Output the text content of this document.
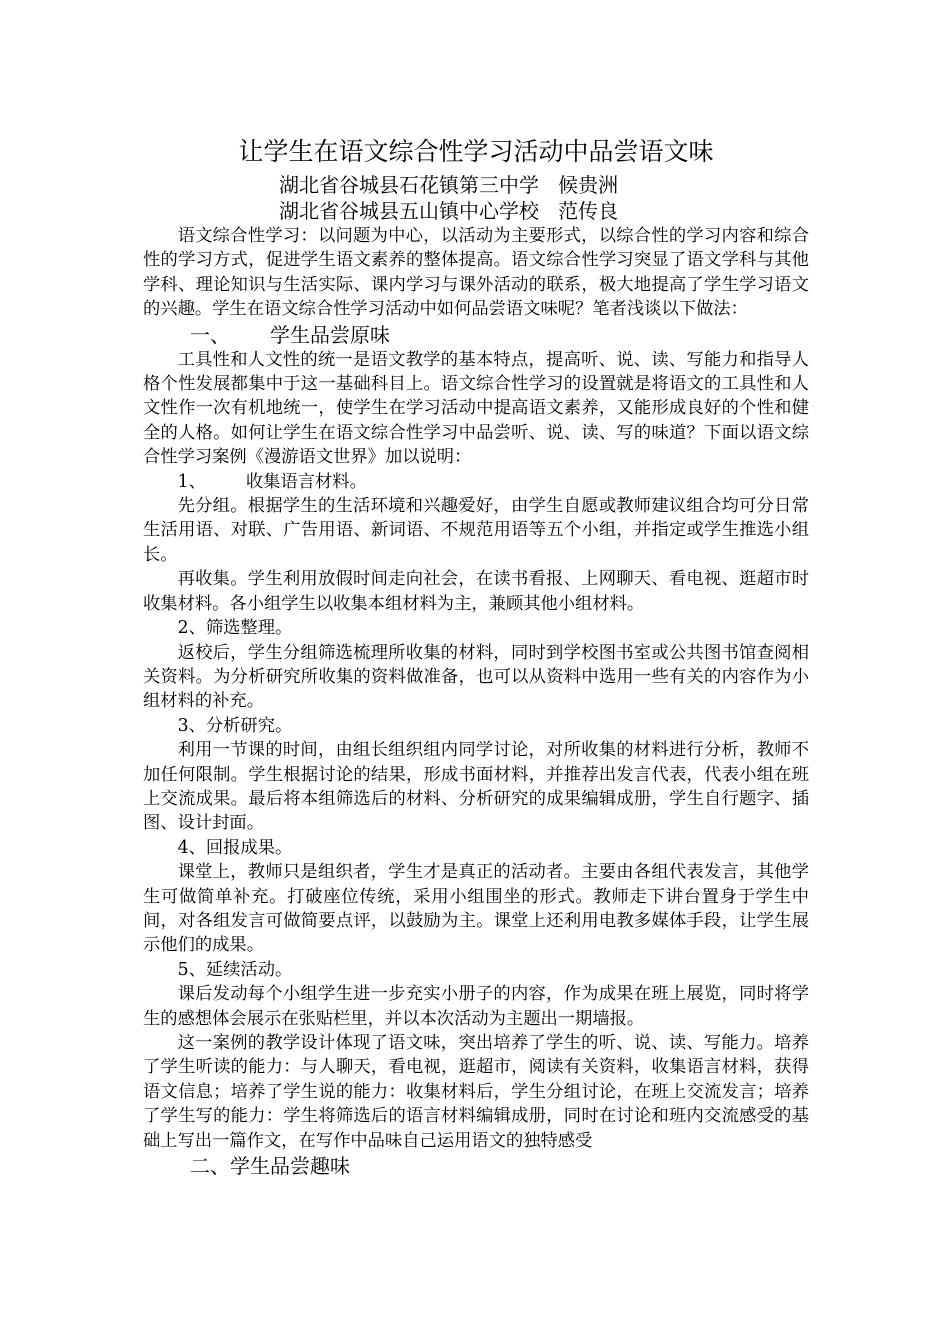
让学生在语文综合性学习活动中品尝语文味
湖北省谷城县石花镇第三中学   候贵洲
湖北省谷城县五山镇中心学校   范传良

语文综合性学习：以问题为中心，以活动为主要形式，以综合性的学习内容和综合性的学习方式，促进学生语文素养的整体提高。语文综合性学习突显了语文学科与其他学科、理论知识与生活实际、课内学习与课外活动的联系，极大地提高了学生学习语文的兴趣。学生在语文综合性学习活动中如何品尝语文味呢？笔者浅谈以下做法：

一、 学生品尝原味

工具性和人文性的统一是语文教学的基本特点，提高听、说、读、写能力和指导人格个性发展都集中于这一基础科目上。语文综合性学习的设置就是将语文的工具性和人文性作一次有机地统一，使学生在学习活动中提高语文素养，又能形成良好的个性和健全的人格。如何让学生在语文综合性学习中品尝听、说、读、写的味道？下面以语文综合性学习案例《漫游语文世界》加以说明：

1、 收集语言材料。

先分组。根据学生的生活环境和兴趣爱好，由学生自愿或教师建议组合均可分日常生活用语、对联、广告用语、新词语、不规范用语等五个小组，并指定或学生推选小组长。

再收集。学生利用放假时间走向社会，在读书看报、上网聊天、看电视、逛超市时收集材料。各小组学生以收集本组材料为主，兼顾其他小组材料。

2、筛选整理。

返校后，学生分组筛选梳理所收集的材料，同时到学校图书室或公共图书馆查阅相关资料。为分析研究所收集的资料做准备，也可以从资料中选用一些有关的内容作为小组材料的补充。

3、分析研究。

利用一节课的时间，由组长组织组内同学讨论，对所收集的材料进行分析，教师不加任何限制。学生根据讨论的结果，形成书面材料，并推荐出发言代表，代表小组在班上交流成果。最后将本组筛选后的材料、分析研究的成果编辑成册，学生自行题字、插图、设计封面。

4、回报成果。

课堂上，教师只是组织者，学生才是真正的活动者。主要由各组代表发言，其他学生可做简单补充。打破座位传统，采用小组围坐的形式。教师走下讲台置身于学生中间，对各组发言可做简要点评，以鼓励为主。课堂上还利用电教多媒体手段，让学生展示他们的成果。

5、延续活动。

课后发动每个小组学生进一步充实小册子的内容，作为成果在班上展览，同时将学生的感想体会展示在张贴栏里，并以本次活动为主题出一期墙报。

这一案例的教学设计体现了语文味，突出培养了学生的听、说、读、写能力。培养了学生听读的能力：与人聊天，看电视，逛超市，阅读有关资料，收集语言材料，获得语文信息；培养了学生说的能力：收集材料后，学生分组讨论，在班上交流发言；培养了学生写的能力：学生将筛选后的语言材料编辑成册，同时在讨论和班内交流感受的基础上写出一篇作文，在写作中品味自己运用语文的独特感受

二、学生品尝趣味
